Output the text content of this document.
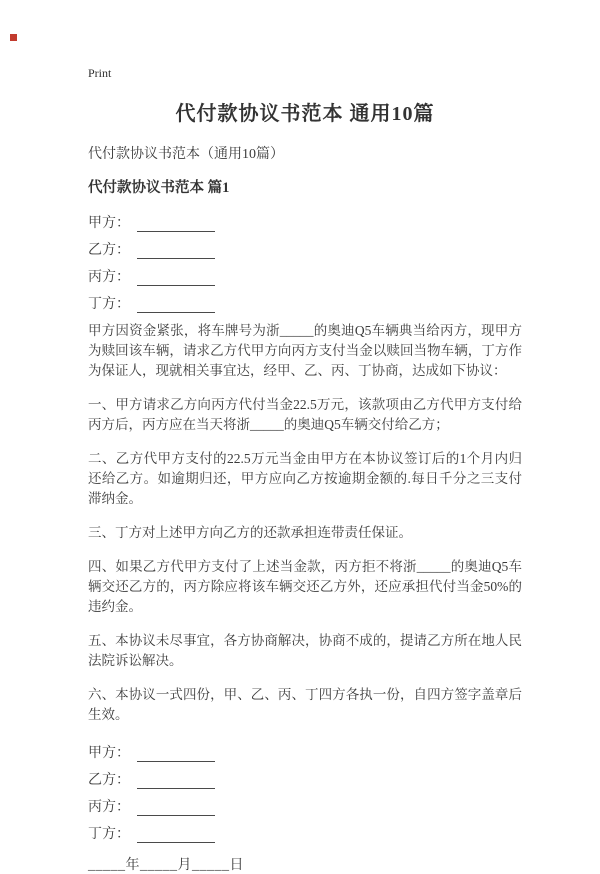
Print
代付款协议书范本 通用10篇
代付款协议书范本（通用10篇）
代付款协议书范本 篇1
甲方：
乙方：
丙方：
丁方：

甲方因资金紧张，将车牌号为浙_____的奥迪Q5车辆典当给丙方，现甲方为赎回该车辆，请求乙方代甲方向丙方支付当金以赎回当物车辆，丁方作为保证人，现就相关事宜达，经甲、乙、丙、丁协商，达成如下协议：

一、甲方请求乙方向丙方代付当金22.5万元，该款项由乙方代甲方支付给丙方后，丙方应在当天将浙_____的奥迪Q5车辆交付给乙方；

二、乙方代甲方支付的22.5万元当金由甲方在本协议签订后的1个月内归还给乙方。如逾期归还，甲方应向乙方按逾期金额的.每日千分之三支付滞纳金。

三、丁方对上述甲方向乙方的还款承担连带责任保证。

四、如果乙方代甲方支付了上述当金款，丙方拒不将浙_____的奥迪Q5车辆交还乙方的，丙方除应将该车辆交还乙方外，还应承担代付当金50%的违约金。

五、本协议未尽事宜，各方协商解决，协商不成的，提请乙方所在地人民法院诉讼解决。

六、本协议一式四份，甲、乙、丙、丁四方各执一份，自四方签字盖章后生效。

甲方：
乙方：
丙方：
丁方：
_____年_____月_____日
